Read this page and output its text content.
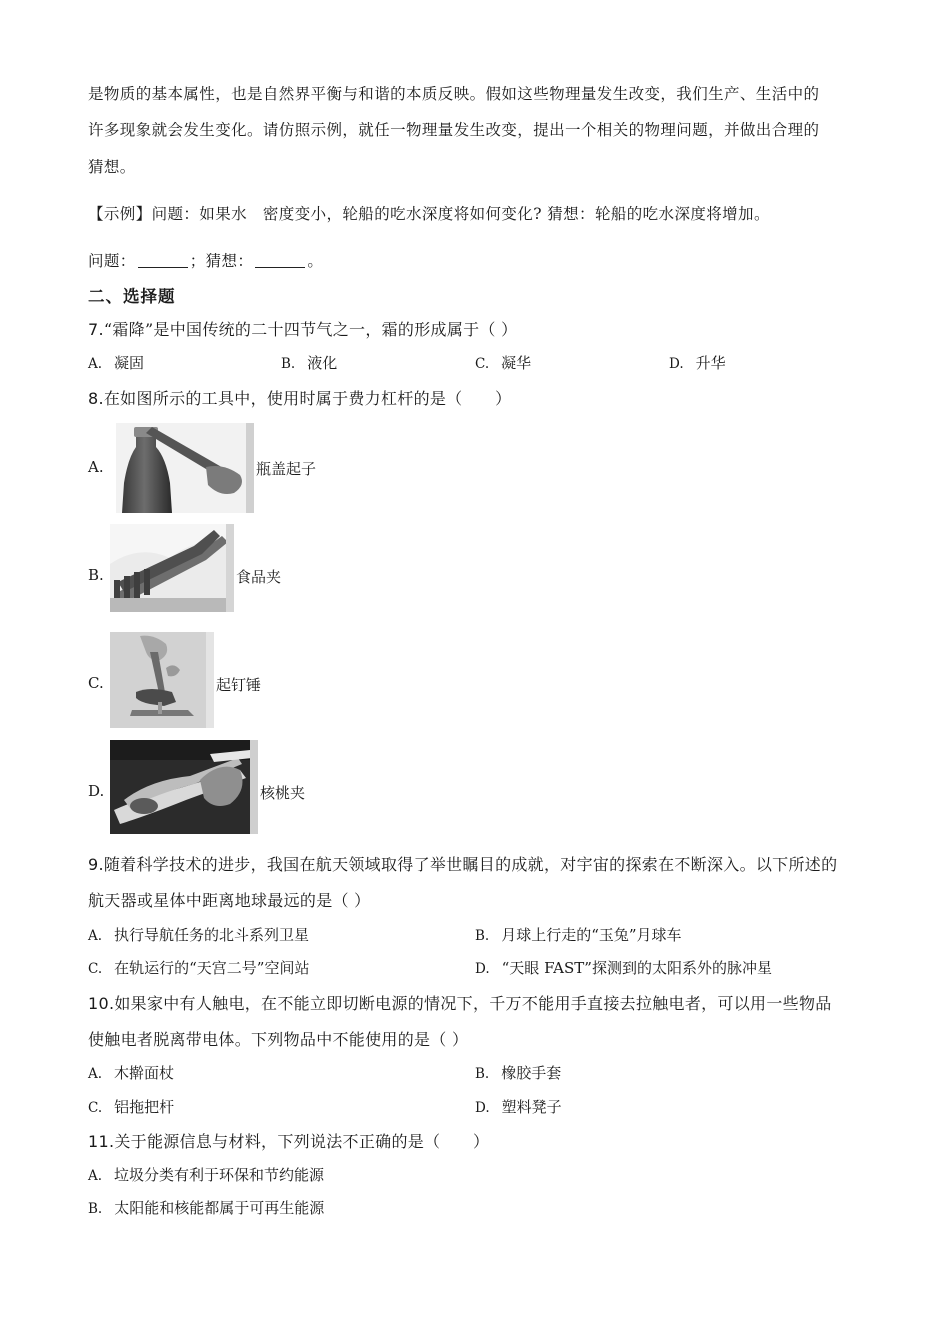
是物质的基本属性，也是自然界平衡与和谐的本质反映。假如这些物理量发生改变，我们生产、生活中的
许多现象就会发生变化。请仿照示例，就任一物理量发生改变，提出一个相关的物理问题，并做出合理的
猜想。
【示例】问题：如果水　密度变小，轮船的吃水深度将如何变化? 猜想：轮船的吃水深度将增加。
问题：	；猜想：	。
二、选择题
7.“霜降”是中国传统的二十四节气之一，霜的形成属于（ ）
A. 凝固	B. 液化	C. 凝华	D. 升华
8.在如图所示的工具中，使用时属于费力杠杆的是（　　）
A.	瓶盖起子
B.	食品夹
C.	起钉锤
D.	核桃夹
9.随着科学技术的进步，我国在航天领域取得了举世瞩目的成就，对宇宙的探索在不断深入。以下所述的
航天器或星体中距离地球最远的是（ ）
A. 执行导航任务的北斗系列卫星	B. 月球上行走的“玉兔”月球车
C. 在轨运行的“天宫二号”空间站	D. “天眼 FAST”探测到的太阳系外的脉冲星
10.如果家中有人触电，在不能立即切断电源的情况下，千万不能用手直接去拉触电者，可以用一些物品
使触电者脱离带电体。下列物品中不能使用的是（ ）
A. 木擀面杖	B. 橡胶手套
C. 铝拖把杆	D. 塑料凳子
11.关于能源信息与材料，下列说法不正确的是（　　）
A. 垃圾分类有利于环保和节约能源
B. 太阳能和核能都属于可再生能源
